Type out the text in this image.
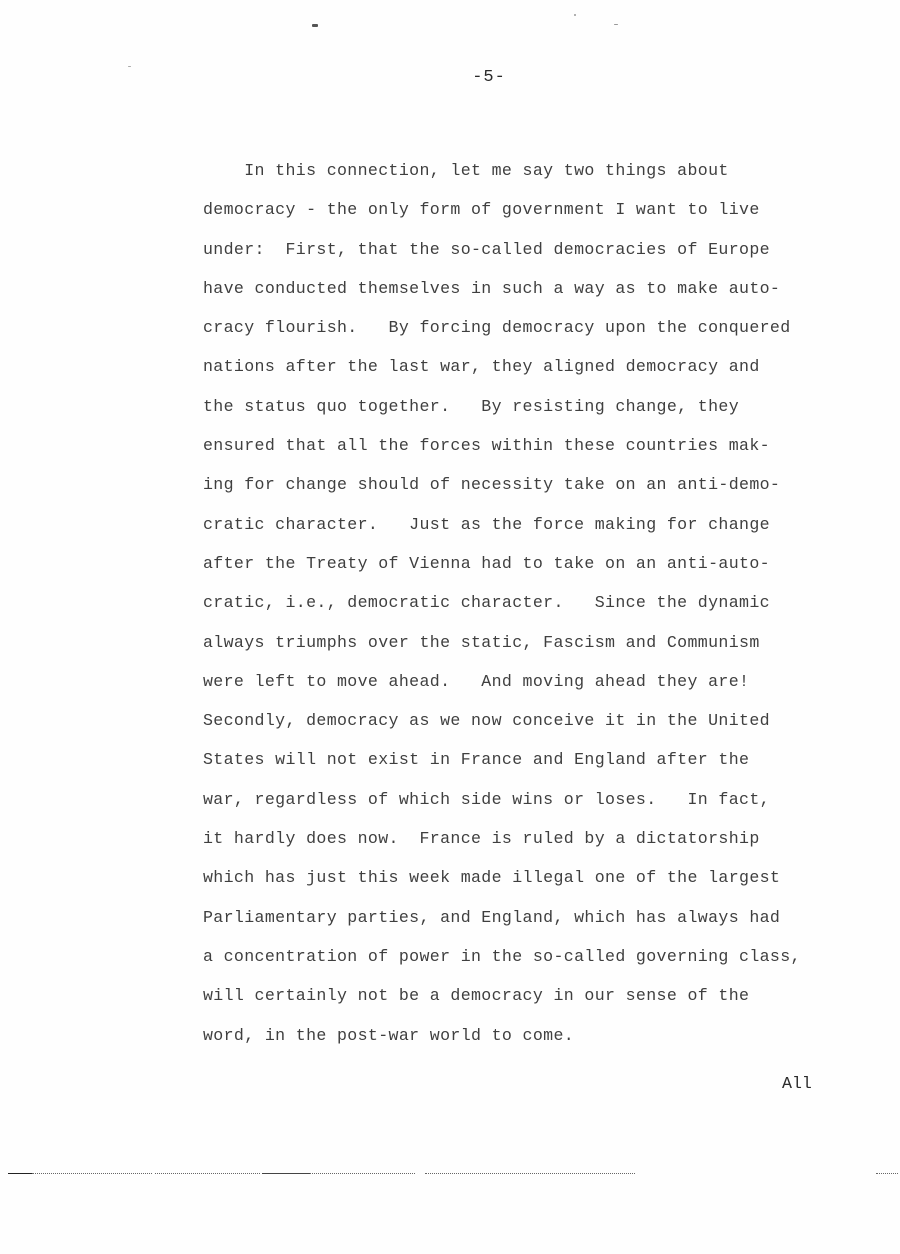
-5-
In this connection, let me say two things about
democracy - the only form of government I want to live
under:  First, that the so-called democracies of Europe
have conducted themselves in such a way as to make auto-
cracy flourish.   By forcing democracy upon the conquered
nations after the last war, they aligned democracy and
the status quo together.   By resisting change, they
ensured that all the forces within these countries mak-
ing for change should of necessity take on an anti-demo-
cratic character.   Just as the force making for change
after the Treaty of Vienna had to take on an anti-auto-
cratic, i.e., democratic character.   Since the dynamic
always triumphs over the static, Fascism and Communism
were left to move ahead.   And moving ahead they are!
Secondly, democracy as we now conceive it in the United
States will not exist in France and England after the
war, regardless of which side wins or loses.   In fact,
it hardly does now.  France is ruled by a dictatorship
which has just this week made illegal one of the largest
Parliamentary parties, and England, which has always had
a concentration of power in the so-called governing class,
will certainly not be a democracy in our sense of the
word, in the post-war world to come.
All
